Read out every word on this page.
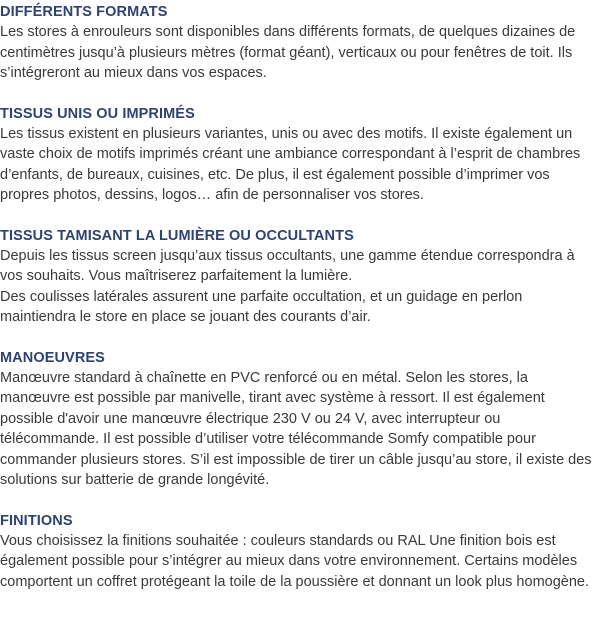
DIFFÉRENTS FORMATS

Les stores à enrouleurs sont disponibles dans différents formats, de quelques dizaines de centimètres jusqu’à plusieurs mètres (format géant), verticaux ou pour fenêtres de toit. Ils s’intégreront au mieux dans vos espaces.

TISSUS UNIS OU IMPRIMÉS

Les tissus existent en plusieurs variantes, unis ou avec des motifs. Il existe également un vaste choix de motifs imprimés créant une ambiance correspondant à l’esprit de chambres d’enfants, de bureaux, cuisines, etc. De plus, il est également possible d’imprimer vos propres photos, dessins, logos… afin de personnaliser vos stores.

TISSUS TAMISANT LA LUMIÈRE OU OCCULTANTS

Depuis les tissus screen jusqu’aux tissus occultants, une gamme étendue correspondra à vos souhaits. Vous maîtriserez parfaitement la lumière.

Des coulisses latérales assurent une parfaite occultation, et un guidage en perlon maintiendra le store en place se jouant des courants d’air.

MANOEUVRES

Manœuvre standard à chaînette en PVC renforcé ou en métal. Selon les stores, la manœuvre est possible par manivelle, tirant avec système à ressort. Il est également possible d'avoir une manœuvre électrique 230 V ou 24 V, avec interrupteur ou télécommande. Il est possible d’utiliser votre télécommande Somfy compatible pour commander plusieurs stores. S’il est impossible de tirer un câble jusqu’au store, il existe des solutions sur batterie de grande longévité.

FINITIONS

Vous choisissez la finitions souhaitée : couleurs standards ou RAL Une finition bois est également possible pour s’intégrer au mieux dans votre environnement. Certains modèles comportent un coffret protégeant la toile de la poussière et donnant un look plus homogène.
